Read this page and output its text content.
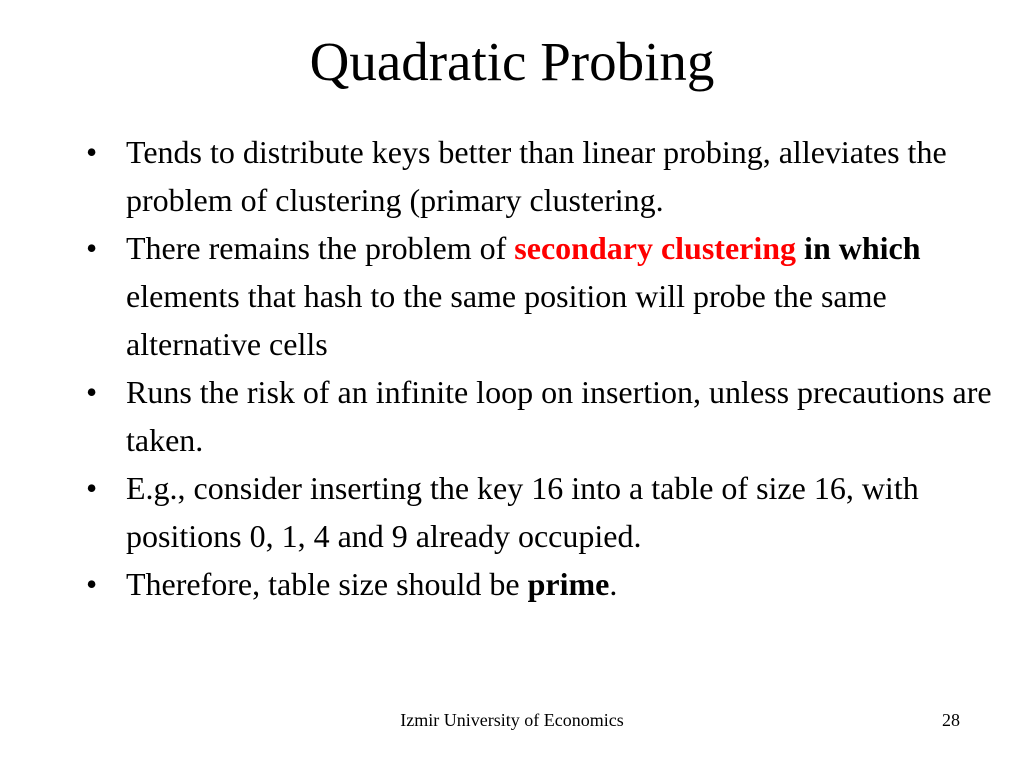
Quadratic Probing
• Tends to distribute keys better than linear probing, alleviates the problem of clustering (primary clustering.
• There remains the problem of secondary clustering in which elements that hash to the same position will probe the same alternative cells
• Runs the risk of an infinite loop on insertion, unless precautions are taken.
• E.g., consider inserting the key 16 into a table of size 16, with positions 0, 1, 4 and 9 already occupied.
• Therefore, table size should be prime.
Izmir University of Economics	28
